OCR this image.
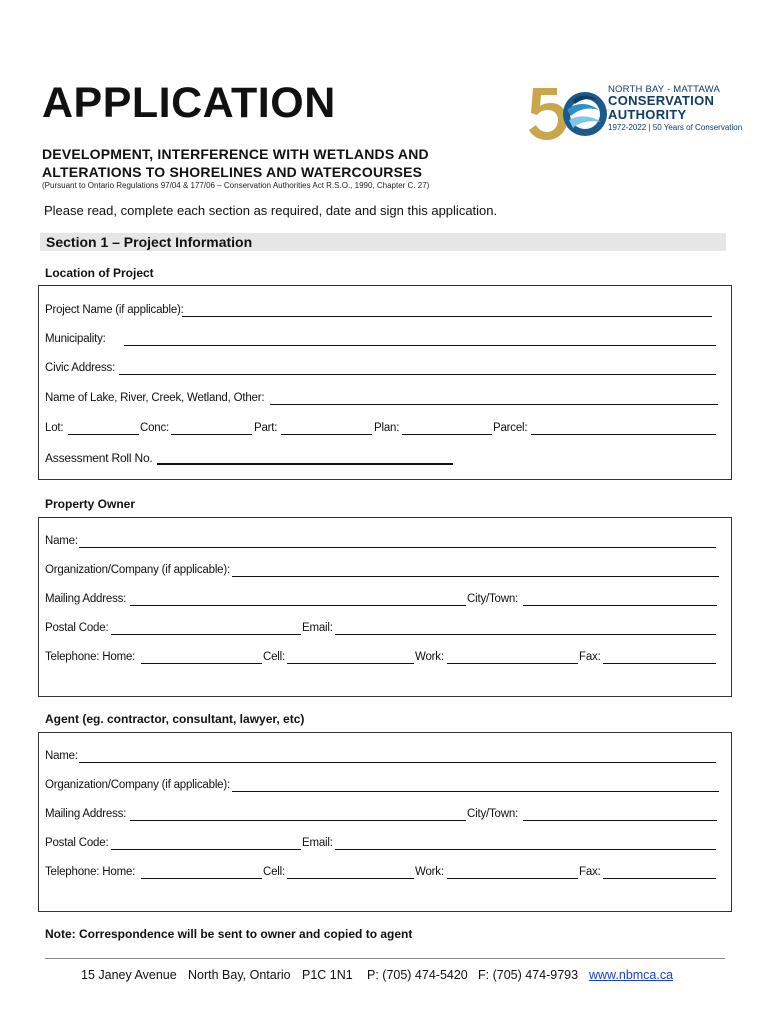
APPLICATION
DEVELOPMENT, INTERFERENCE WITH WETLANDS AND
ALTERATIONS TO SHORELINES AND WATERCOURSES
(Pursuant to Ontario Regulations 97/04 & 177/06 – Conservation Authorities Act R.S.O., 1990, Chapter C. 27)
Please read, complete each section as required, date and sign this application.
NORTH BAY - MATTAWA
CONSERVATION
AUTHORITY
1972-2022 | 50 Years of Conservation
Section 1 – Project Information
Location of Project
Project Name (if applicable):
Municipality:
Civic Address:
Name of Lake, River, Creek, Wetland, Other:
Lot:	Conc:	Part:	Plan:	Parcel:
Assessment Roll No.
Property Owner
Name:
Organization/Company (if applicable):
Mailing Address:	City/Town:
Postal Code:	Email:
Telephone: Home:	Cell:	Work:	Fax:
Agent (eg. contractor, consultant, lawyer, etc)
Name:
Organization/Company (if applicable):
Mailing Address:	City/Town:
Postal Code:	Email:
Telephone: Home:	Cell:	Work:	Fax:
Note: Correspondence will be sent to owner and copied to agent
15 Janey Avenue North Bay, Ontario P1C 1N1 P: (705) 474-5420 F: (705) 474-9793 www.nbmca.ca
